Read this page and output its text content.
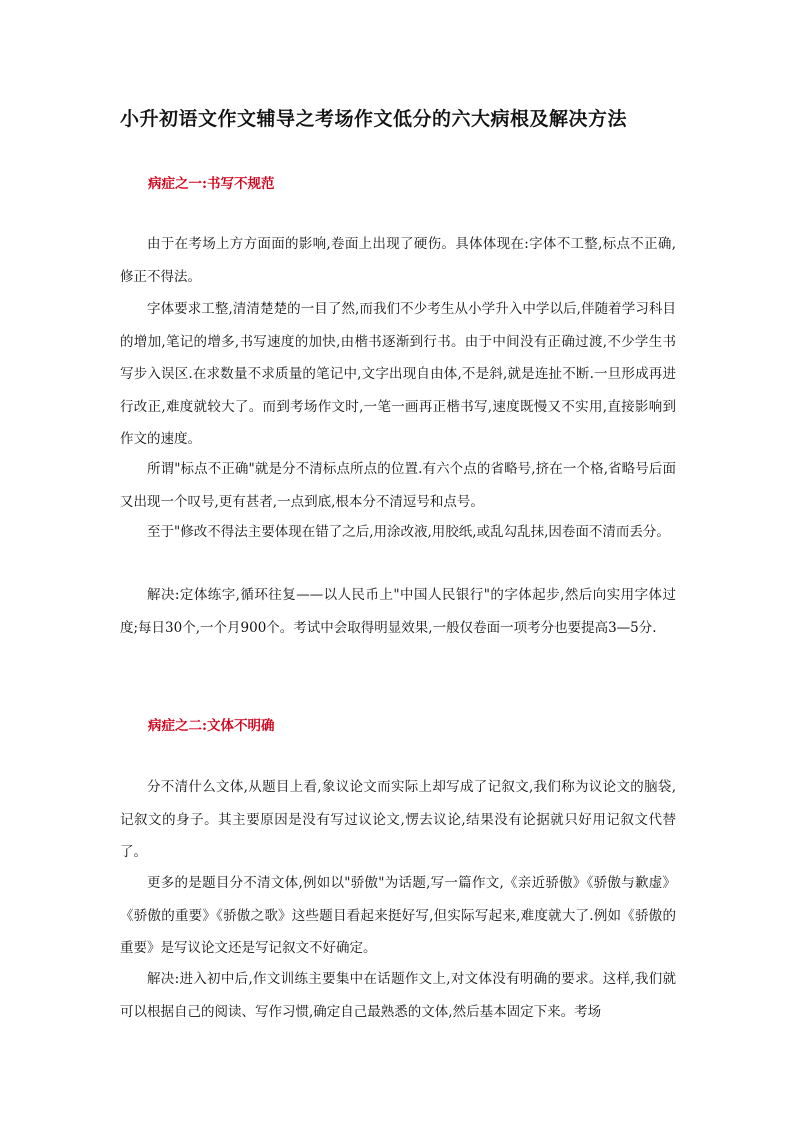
小升初语文作文辅导之考场作文低分的六大病根及解决方法
病症之一:书写不规范
由于在考场上方方面面的影响,卷面上出现了硬伤。具体体现在:字体不工整,标点不正确,修正不得法。
字体要求工整,清清楚楚的一目了然,而我们不少考生从小学升入中学以后,伴随着学习科目的增加,笔记的增多,书写速度的加快,由楷书逐渐到行书。由于中间没有正确过渡,不少学生书写步入误区.在求数量不求质量的笔记中,文字出现自由体,不是斜,就是连扯不断.一旦形成再进行改正,难度就较大了。而到考场作文时,一笔一画再正楷书写,速度既慢又不实用,直接影响到作文的速度。
所谓"标点不正确"就是分不清标点所点的位置.有六个点的省略号,挤在一个格,省略号后面又出现一个叹号,更有甚者,一点到底,根本分不清逗号和点号。
至于"修改不得法主要体现在错了之后,用涂改液,用胶纸,或乱勾乱抹,因卷面不清而丢分。
解决:定体练字,循环往复——以人民币上"中国人民银行"的字体起步,然后向实用字体过度;每日30个,一个月900个。考试中会取得明显效果,一般仅卷面一项考分也要提高3—5分.
病症之二:文体不明确
分不清什么文体,从题目上看,象议论文而实际上却写成了记叙文,我们称为议论文的脑袋,记叙文的身子。其主要原因是没有写过议论文,愣去议论,结果没有论据就只好用记叙文代替了。
更多的是题目分不清文体,例如以"骄傲"为话题,写一篇作文,《亲近骄傲》《骄傲与歉虚》《骄傲的重要》《骄傲之歌》这些题目看起来挺好写,但实际写起来,难度就大了.例如《骄傲的重要》是写议论文还是写记叙文不好确定。
解决:进入初中后,作文训练主要集中在话题作文上,对文体没有明确的要求。这样,我们就可以根据自己的阅读、写作习惯,确定自己最熟悉的文体,然后基本固定下来。考场
